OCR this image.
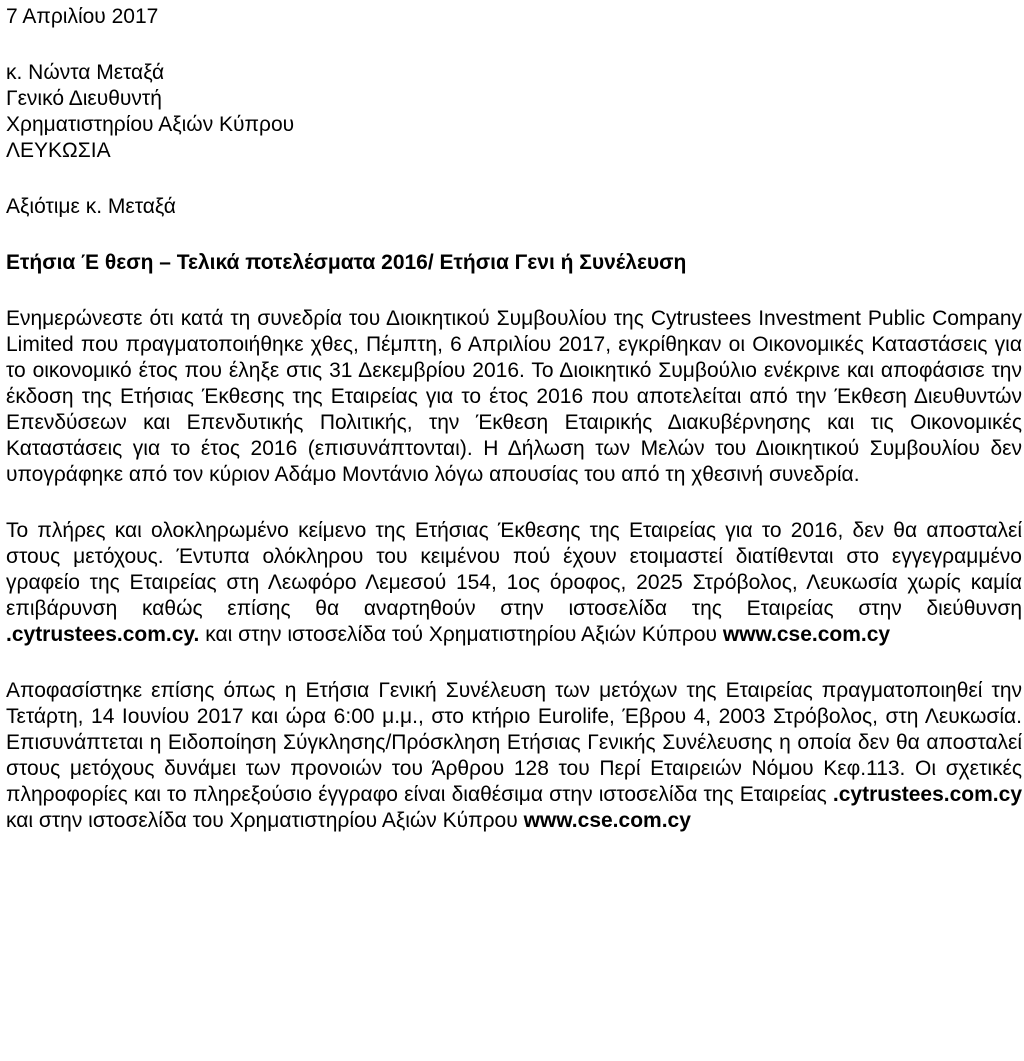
7 Απριλίου 2017
κ. Νώντα Μεταξά
Γενικό Διευθυντή
Χρηματιστηρίου Αξιών Κύπρου
ΛΕΥΚΩΣΙΑ
Αξιότιμε κ. Μεταξά

Ετήσια Έ θεση – Τελικά ποτελέσματα 2016/ Ετήσια Γενι ή Συνέλευση

Ενημερώνεστε ότι κατά τη συνεδρία του Διοικητικού Συμβουλίου της Cytrustees Investment Public Company Limited που πραγματοποιήθηκε χθες, Πέμπτη, 6 Απριλίου 2017, εγκρίθηκαν οι Οικονομικές Καταστάσεις για το οικονομικό έτος που έληξε στις 31 Δεκεμβρίου 2016. Το Διοικητικό Συμβούλιο ενέκρινε και αποφάσισε την έκδοση της Ετήσιας Έκθεσης της Εταιρείας για το έτος 2016 που αποτελείται από την Έκθεση Διευθυντών Επενδύσεων και Επενδυτικής Πολιτικής, την Έκθεση Εταιρικής Διακυβέρνησης και τις Οικονομικές Καταστάσεις για το έτος 2016 (επισυνάπτονται). Η Δήλωση των Μελών του Διοικητικού Συμβουλίου δεν υπογράφηκε από τον κύριον Αδάμο Μοντάνιο λόγω απουσίας του από τη χθεσινή συνεδρία.

Το πλήρες και ολοκληρωμένο κείμενο της Ετήσιας Έκθεσης της Εταιρείας για το 2016, δεν θα αποσταλεί στους μετόχους. Έντυπα ολόκληρου του κειμένου πού έχουν ετοιμαστεί διατίθενται στο εγγεγραμμένο γραφείο της Εταιρείας στη Λεωφόρο Λεμεσού 154, 1ος όροφος, 2025 Στρόβολος, Λευκωσία χωρίς καμία επιβάρυνση καθώς επίσης θα αναρτηθούν στην ιστοσελίδα της Εταιρείας στην διεύθυνση .cytrustees.com.cy. και στην ιστοσελίδα τού Χρηματιστηρίου Αξιών Κύπρου www.cse.com.cy

Αποφασίστηκε επίσης όπως η Ετήσια Γενική Συνέλευση των μετόχων της Εταιρείας πραγματοποιηθεί την Τετάρτη, 14 Ιουνίου 2017 και ώρα 6:00 μ.μ., στο κτήριο Eurolife, Έβρου 4, 2003 Στρόβολος, στη Λευκωσία. Επισυνάπτεται η Ειδοποίηση Σύγκλησης/Πρόσκληση Ετήσιας Γενικής Συνέλευσης η οποία δεν θα αποσταλεί στους μετόχους δυνάμει των προνοιών του Άρθρου 128 του Περί Εταιρειών Νόμου Κεφ.113. Οι σχετικές πληροφορίες και το πληρεξούσιο έγγραφο είναι διαθέσιμα στην ιστοσελίδα της Εταιρείας .cytrustees.com.cy και στην ιστοσελίδα του Χρηματιστηρίου Αξιών Κύπρου www.cse.com.cy
